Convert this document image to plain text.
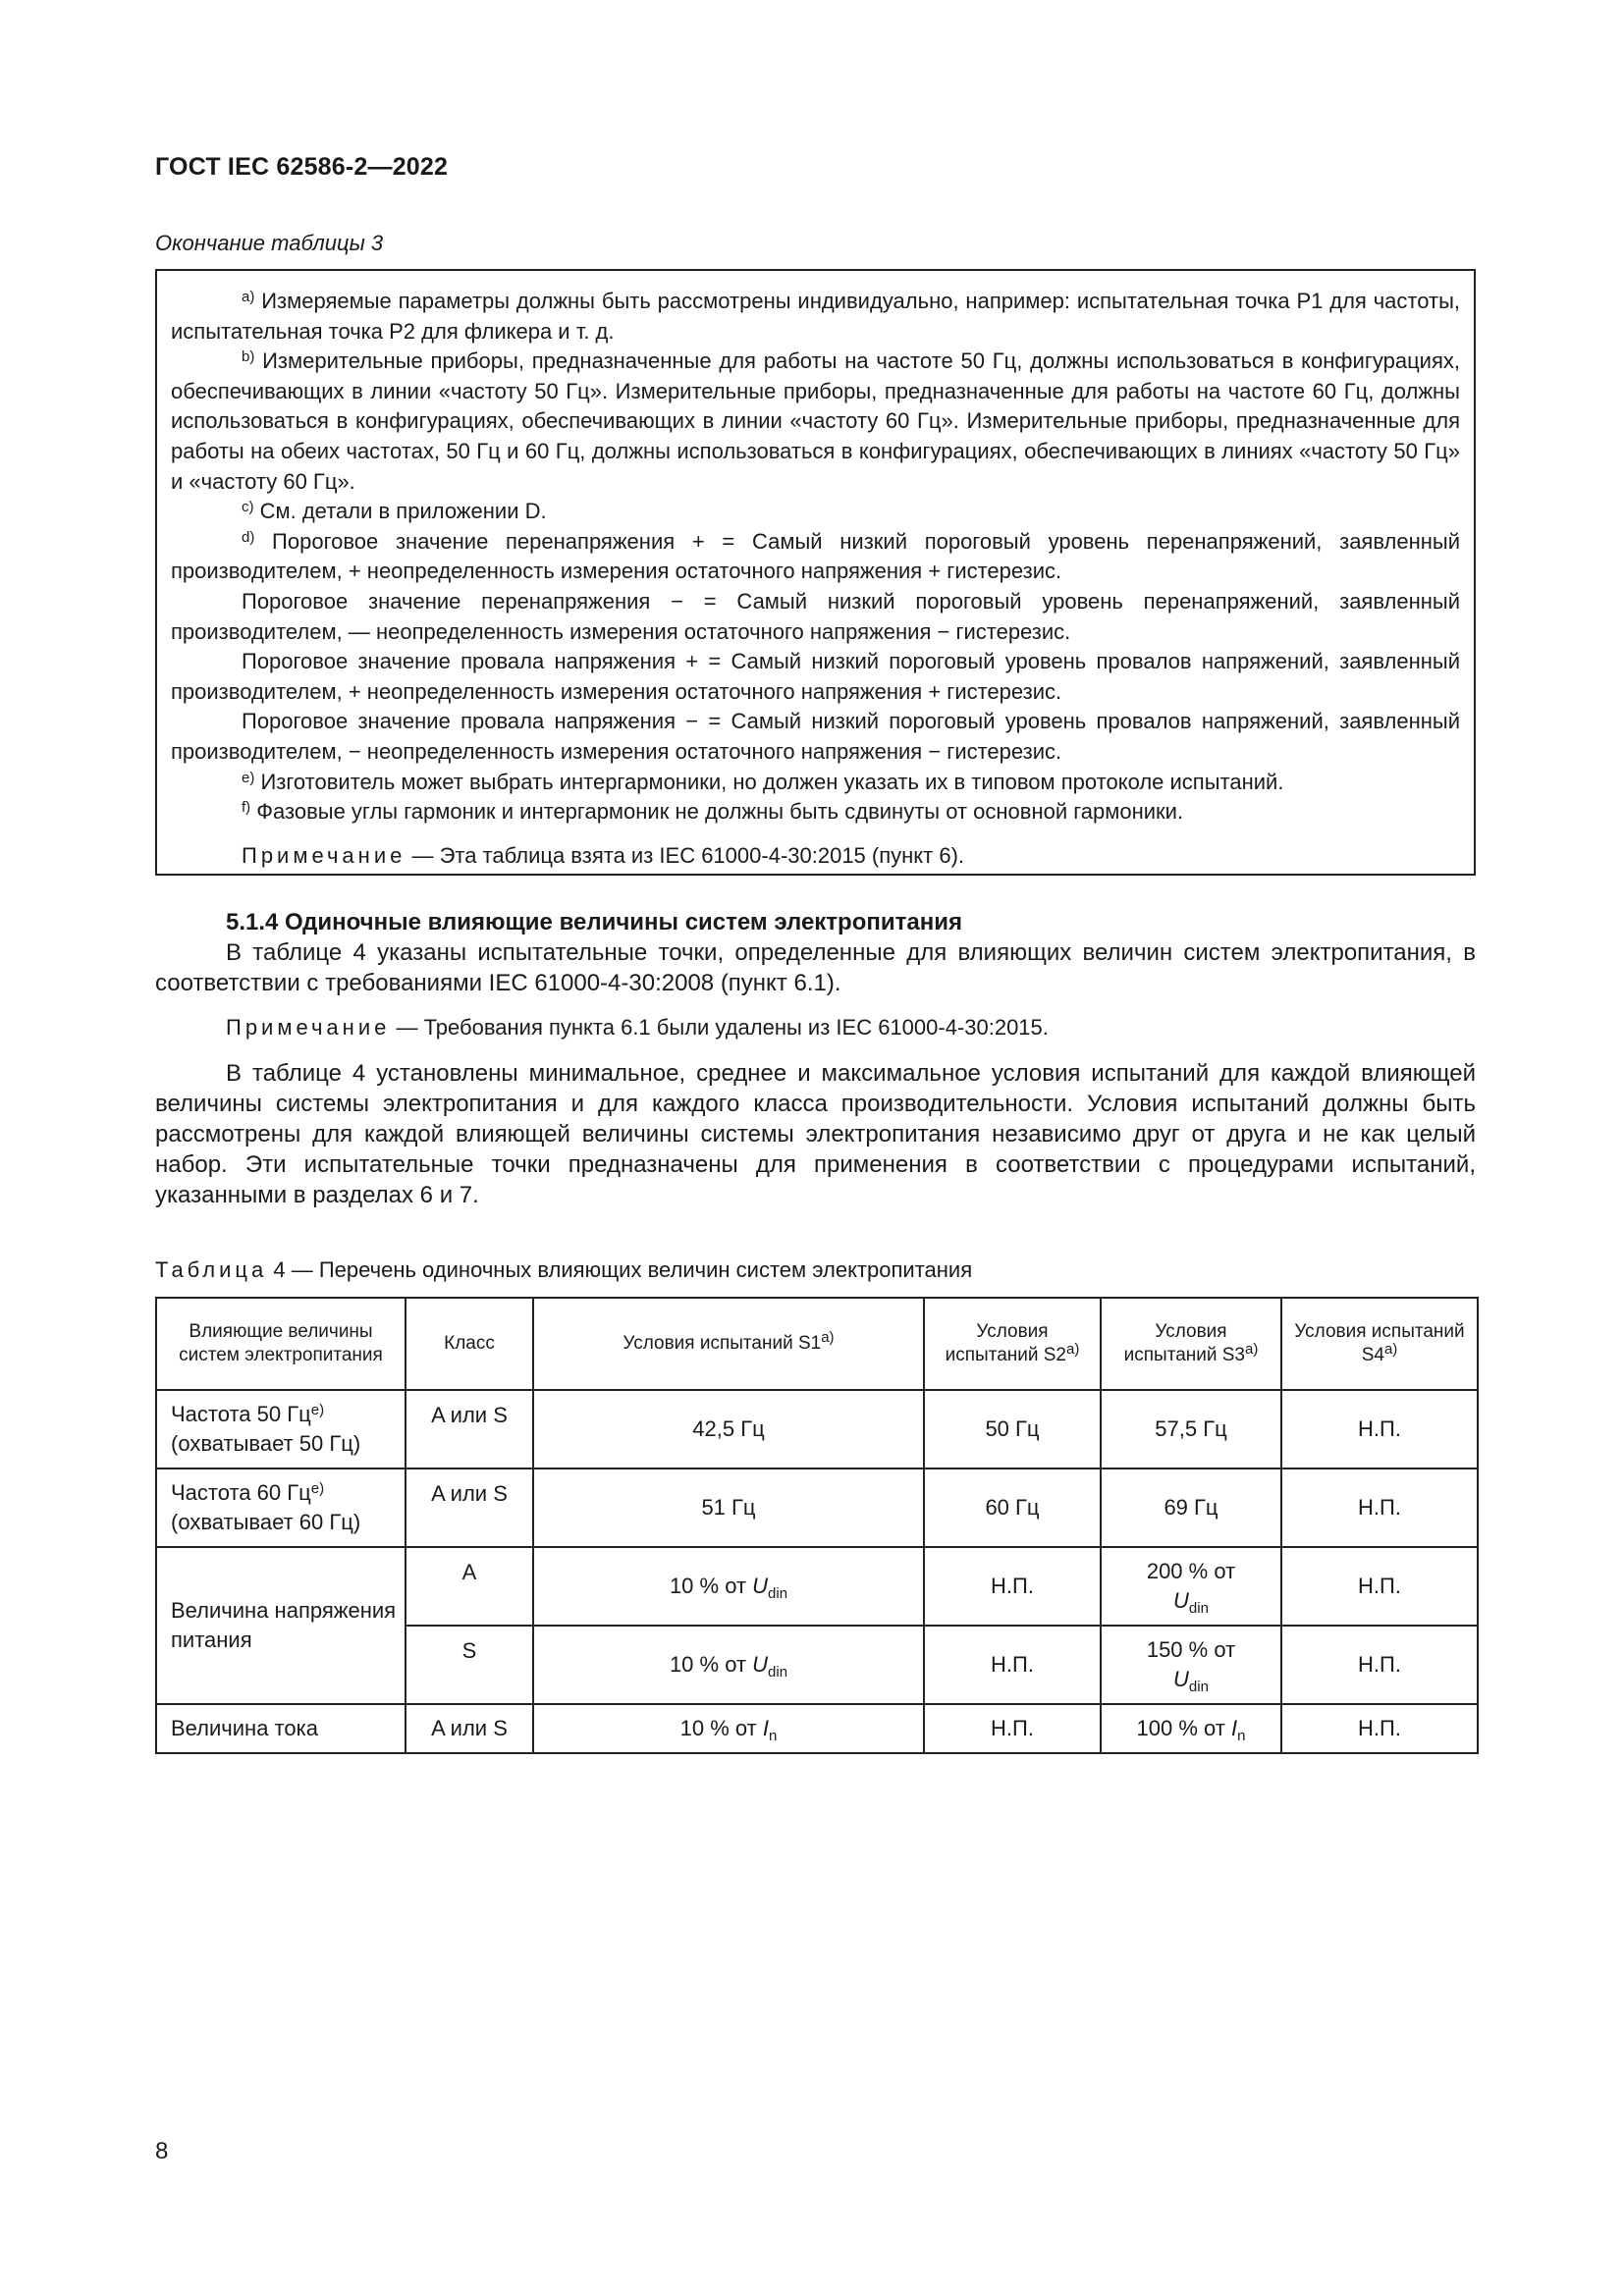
ГОСТ IEC 62586-2—2022
Окончание таблицы 3

$^{a)}$ Измеряемые параметры должны быть рассмотрены индивидуально, например: испытательная точка P1 для частоты, испытательная точка P2 для фликера и т. д.

$^{b)}$ Измерительные приборы, предназначенные для работы на частоте 50 Гц, должны использоваться в конфигурациях, обеспечивающих в линии «частоту 50 Гц». Измерительные приборы, предназначенные для работы на частоте 60 Гц, должны использоваться в конфигурациях, обеспечивающих в линии «частоту 60 Гц». Измерительные приборы, предназначенные для работы на обеих частотах, 50 Гц и 60 Гц, должны использоваться в конфигурациях, обеспечивающих в линиях «частоту 50 Гц» и «частоту 60 Гц».

$^{c)}$ См. детали в приложении D.

$^{d)}$ Пороговое значение перенапряжения + = Самый низкий пороговый уровень перенапряжений, заявленный производителем, + неопределенность измерения остаточного напряжения + гистерезис.

Пороговое значение перенапряжения − = Самый низкий пороговый уровень перенапряжений, заявленный производителем, — неопределенность измерения остаточного напряжения − гистерезис.

Пороговое значение провала напряжения + = Самый низкий пороговый уровень провалов напряжений, заявленный производителем, + неопределенность измерения остаточного напряжения + гистерезис.

Пороговое значение провала напряжения − = Самый низкий пороговый уровень провалов напряжений, заявленный производителем, − неопределенность измерения остаточного напряжения − гистерезис.

$^{e)}$ Изготовитель может выбрать интергармоники, но должен указать их в типовом протоколе испытаний.

$^{f)}$ Фазовые углы гармоник и интергармоник не должны быть сдвинуты от основной гармоники.

Примечание — Эта таблица взята из IEC 61000-4-30:2015 (пункт 6).

5.1.4 Одиночные влияющие величины систем электропитания

В таблице 4 указаны испытательные точки, определенные для влияющих величин систем электропитания, в соответствии с требованиями IEC 61000-4-30:2008 (пункт 6.1).

Примечание — Требования пункта 6.1 были удалены из IEC 61000-4-30:2015.

В таблице 4 установлены минимальное, среднее и максимальное условия испытаний для каждой влияющей величины системы электропитания и для каждого класса производительности. Условия испытаний должны быть рассмотрены для каждой влияющей величины системы электропитания независимо друг от друга и не как целый набор. Эти испытательные точки предназначены для применения в соответствии с процедурами испытаний, указанными в разделах 6 и 7.

Таблица 4 — Перечень одиночных влияющих величин систем электропитания
Влияющие величины систем электропитания	Класс	Условия испытаний S1$^{a)}$	Условия испытаний S2$^{a)}$	Условия испытаний S3$^{a)}$	Условия испытаний S4$^{a)}$
Частота 50 $Гц^{e)}$
(охватывает 50 Гц)	A или S	42,5 Гц	50 Гц	57,5 Гц	Н.П.
Частота 60 $Гц^{e)}$
(охватывает 60 Гц)	A или S	51 Гц	60 Гц	69 Гц	Н.П.
Величина напряжения питания	A	10 % от $U_{din}$	Н.П.	200 % от
$U_{din}$	Н.П.
	S	10 % от $U_{din}$	Н.П.	150 % от
$U_{din}$	Н.П.
Величина тока	A или S	10 % от $I_n$	Н.П.	100 % от $I_n$	Н.П.
8
